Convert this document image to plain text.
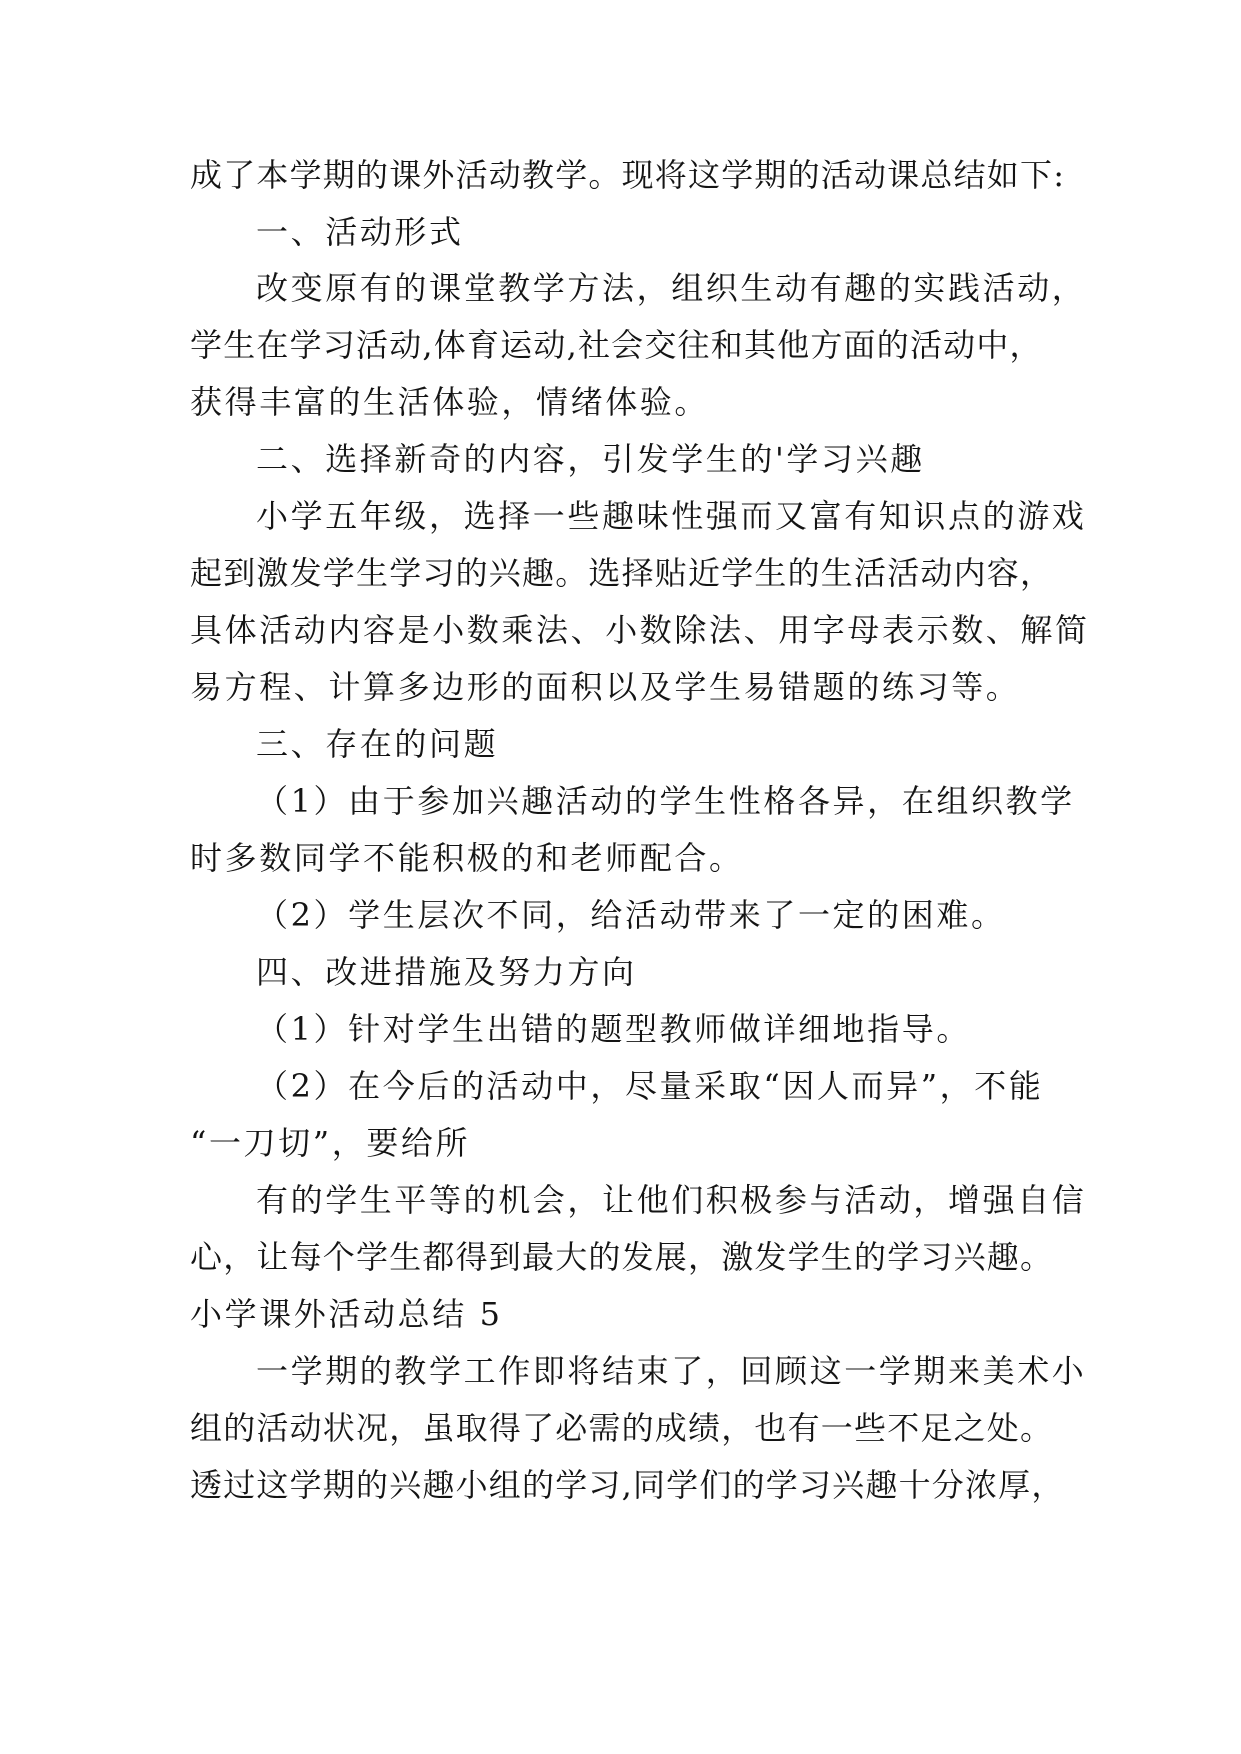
成了本学期的课外活动教学。现将这学期的活动课总结如下:
一、活动形式
改变原有的课堂教学方法，组织生动有趣的实践活动，
学生在学习活动,体育运动,社会交往和其他方面的活动中，
获得丰富的生活体验，情绪体验。
二、选择新奇的内容，引发学生的'学习兴趣
小学五年级，选择一些趣味性强而又富有知识点的游戏
起到激发学生学习的兴趣。选择贴近学生的生活活动内容，
具体活动内容是小数乘法、小数除法、用字母表示数、解简
易方程、计算多边形的面积以及学生易错题的练习等。
三、存在的问题
（1）由于参加兴趣活动的学生性格各异，在组织教学
时多数同学不能积极的和老师配合。
（2）学生层次不同，给活动带来了一定的困难。
四、改进措施及努力方向
（1）针对学生出错的题型教师做详细地指导。
（2）在今后的活动中，尽量采取“因人而异”，不能
“一刀切”，要给所
有的学生平等的机会，让他们积极参与活动，增强自信
心，让每个学生都得到最大的发展，激发学生的学习兴趣。
小学课外活动总结 5
一学期的教学工作即将结束了，回顾这一学期来美术小
组的活动状况，虽取得了必需的成绩，也有一些不足之处。
透过这学期的兴趣小组的学习,同学们的学习兴趣十分浓厚，
